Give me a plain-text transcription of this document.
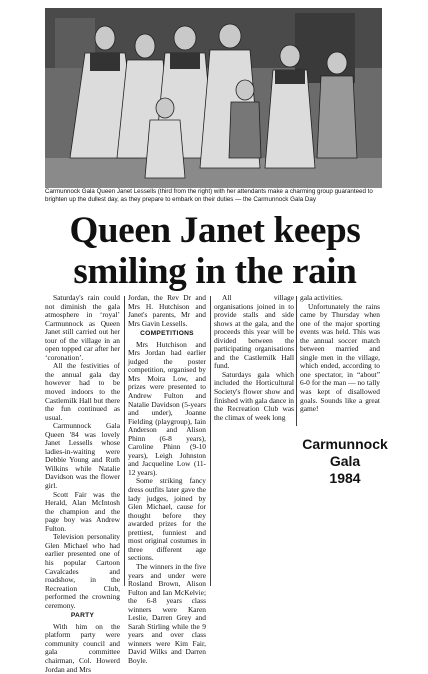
Carmunnock Gala Queen Janet Lessells (third from the right) with her attendants make a charming group guaranteed to brighten up the dullest day, as they prepare to embark on their duties — the Carmunnock Gala Day
Queen Janet keeps
smiling in the rain

Saturday's rain could not diminish the gala atmosphere in ‘royal’ Carmunnock as Queen Janet still carried out her tour of the village in an open topped car after her ‘coronation’.

All the festivities of the annual gala day however had to be moved indoors to the Castlemilk Hall but there the fun continued as usual.

Carmunnock Gala Queen '84 was lovely Janet Lessells whose ladies-in-waiting were Debbie Young and Ruth Wilkins while Natalie Davidson was the flower girl.

Scott Fair was the Herald, Alan McIntosh the champion and the page boy was Andrew Fulton.

Television personality Glen Michael who had earlier presented one of his popular Cartoon Cavalcades and roadshow, in the Recreation Club, performed the crowning ceremony.

PARTY

With him on the platform party were community council and gala committee chairman, Col. Howerd Jordan and Mrs

Jordan, the Rev Dr and Mrs H. Hutchison and Janet's parents, Mr and Mrs Gavin Lessells.

COMPETITIONS

Mrs Hutchison and Mrs Jordan had earlier judged the poster competition, organised by Mrs Moira Low, and prizes were presented to Andrew Fulton and Natalie Davidson (5-years and under), Joanne Fielding (playgroup), Iain Anderson and Alison Phinn (6-8 years), Caroline Phinn (9-10 years), Leigh Johnston and Jacqueline Low (11-12 years).

Some striking fancy dress outfits later gave the lady judges, joined by Glen Michael, cause for thought before they awarded prizes for the prettiest, funniest and most original costumes in three different age sections.

The winners in the five years and under were Rosland Brown, Alison Fulton and Ian McKelvie; the 6-8 years class winners were Karen Leslie, Darren Grey and Sarah Stirling while the 9 years and over class winners were Kim Fair, David Wilks and Darren Boyle.

All village organisations joined in to provide stalls and side shows at the gala, and the proceeds this year will be divided between the participating organisations and the Castlemilk Hall fund.

Saturdays gala which included the Horticultural Society's flower show and finished with gala dance in the Recreation Club was the climax of week long

gala activities.

Unfortunately the rains came by Thursday when one of the major sporting events was held. This was the annual soccer match between married and single men in the village, which ended, according to one spectator, in “about” 6-0 for the man — no tally was kept of disallowed goals. Sounds like a great game!

Carmunnock Gala
1984
